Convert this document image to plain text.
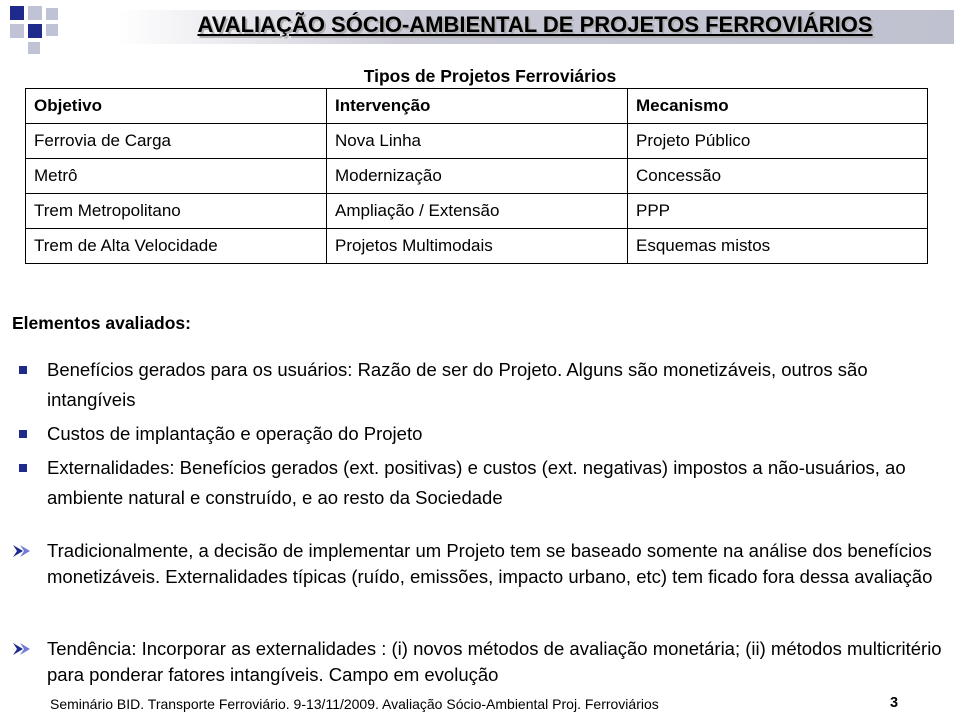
AVALIAÇÃO SÓCIO-AMBIENTAL DE PROJETOS FERROVIÁRIOS
Tipos de Projetos Ferroviários
Objetivo	Intervenção	Mecanismo
Ferrovia de Carga	Nova Linha	Projeto Público
Metrô	Modernização	Concessão
Trem Metropolitano	Ampliação / Extensão	PPP
Trem de Alta Velocidade	Projetos Multimodais	Esquemas mistos
Elementos avaliados:
Benefícios gerados para os usuários: Razão de ser do Projeto. Alguns são monetizáveis, outros são intangíveis
Custos de implantação e operação do Projeto
Externalidades: Benefícios gerados (ext. positivas) e custos (ext. negativas) impostos a não-usuários, ao ambiente natural e construído, e ao resto da Sociedade
Tradicionalmente, a decisão de implementar um Projeto tem se baseado somente na análise dos benefícios monetizáveis. Externalidades típicas (ruído, emissões, impacto urbano, etc) tem ficado fora dessa avaliação
Tendência: Incorporar as externalidades : (i) novos métodos de avaliação monetária; (ii) métodos multicritério para ponderar fatores intangíveis. Campo em evolução
Seminário BID. Transporte Ferroviário. 9-13/11/2009. Avaliação Sócio-Ambiental Proj. Ferroviários	3
